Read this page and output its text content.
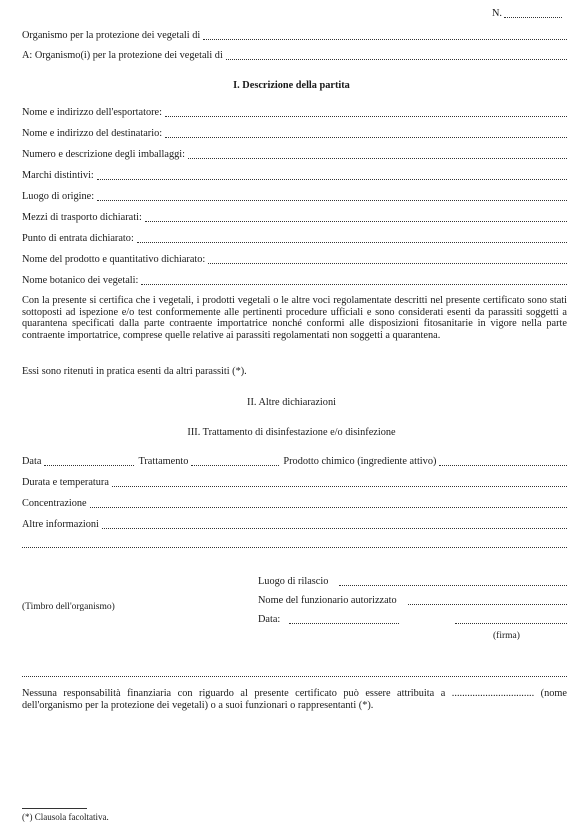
N.
Organismo per la protezione dei vegetali di
A: Organismo(i) per la protezione dei vegetali di
I. Descrizione della partita
Nome e indirizzo dell'esportatore:
Nome e indirizzo del destinatario:
Numero e descrizione degli imballaggi:
Marchi distintivi:
Luogo di origine:
Mezzi di trasporto dichiarati:
Punto di entrata dichiarato:
Nome del prodotto e quantitativo dichiarato:
Nome botanico dei vegetali:
Con la presente si certifica che i vegetali, i prodotti vegetali o le altre voci regolamentate descritti nel presente certificato sono stati sottoposti ad ispezione e/o test conformemente alle pertinenti procedure ufficiali e sono considerati esenti da parassiti soggetti a quarantena specificati dalla parte contraente importatrice nonché conformi alle disposizioni fitosanitarie in vigore nella parte contraente importatrice, comprese quelle relative ai parassiti regolamentati non soggetti a quarantena.
Essi sono ritenuti in pratica esenti da altri parassiti (*).
II. Altre dichiarazioni
III. Trattamento di disinfestazione e/o disinfezione
Data	Trattamento	Prodotto chimico (ingrediente attivo)
Durata e temperatura
Concentrazione
Altre informazioni
(Timbro dell'organismo)
Luogo di rilascio
Nome del funzionario autorizzato
Data:
(firma)
Nessuna responsabilità finanziaria con riguardo al presente certificato può essere attribuita a ................................ (nome dell'organismo per la protezione dei vegetali) o a suoi funzionari o rappresentanti (*).
(*) Clausola facoltativa.
